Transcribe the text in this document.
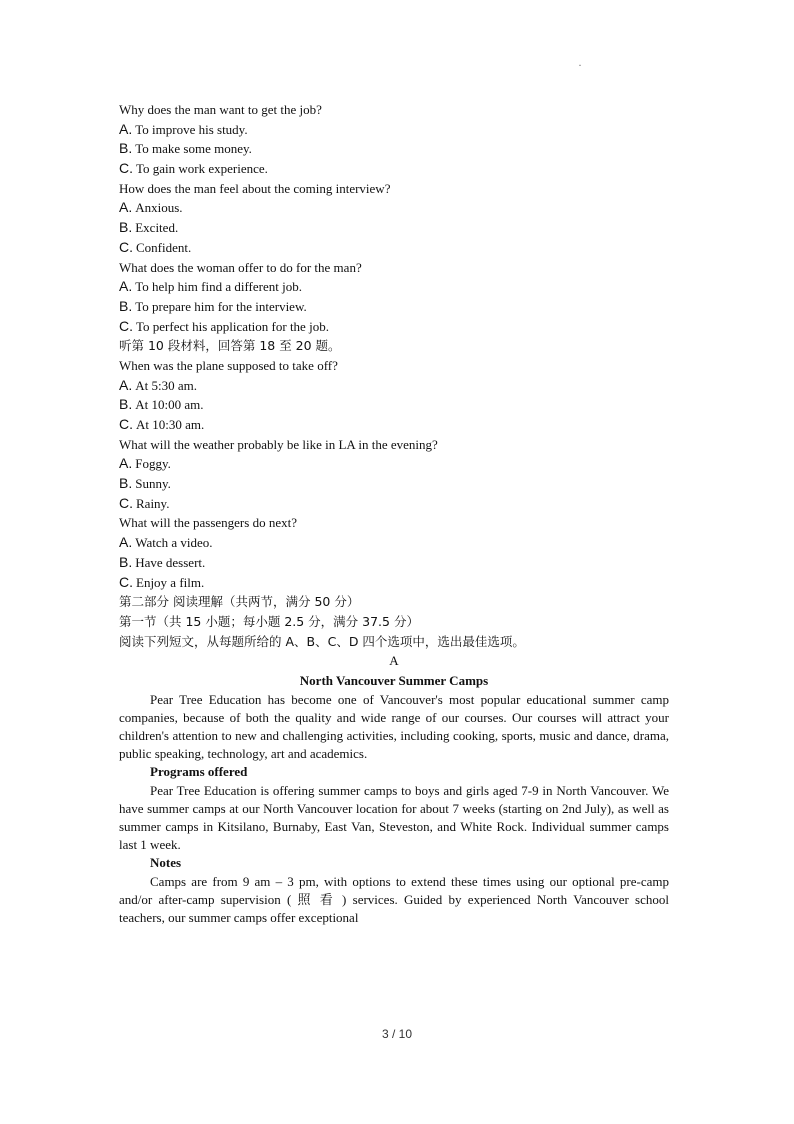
·
Why does the man want to get the job?
A. To improve his study.
B. To make some money.
C. To gain work experience.
How does the man feel about the coming interview?
A. Anxious.
B. Excited.
C. Confident.
What does the woman offer to do for the man?
A. To help him find a different job.
B. To prepare him for the interview.
C. To perfect his application for the job.
听第 10 段材料，回答第 18 至 20 题。
When was the plane supposed to take off?
A. At 5:30 am.
B. At 10:00 am.
C. At 10:30 am.
What will the weather probably be like in LA in the evening?
A. Foggy.
B. Sunny.
C. Rainy.
What will the passengers do next?
A. Watch a video.
B. Have dessert.
C. Enjoy a film.
第二部分 阅读理解（共两节，满分 50 分）
第一节（共 15 小题；每小题 2.5 分，满分 37.5 分）
阅读下列短文，从每题所给的 A、B、C、D 四个选项中，选出最佳选项。
A
North Vancouver Summer Camps

Pear Tree Education has become one of Vancouver's most popular educational summer camp companies, because of both the quality and wide range of our courses. Our courses will attract your children's attention to new and challenging activities, including cooking, sports, music and dance, drama, public speaking, technology, art and academics.

Programs offered

Pear Tree Education is offering summer camps to boys and girls aged 7-9 in North Vancouver. We have summer camps at our North Vancouver location for about 7 weeks (starting on 2nd July), as well as summer camps in Kitsilano, Burnaby, East Van, Steveston, and White Rock. Individual summer camps last 1 week.

Notes

Camps are from 9 am – 3 pm, with options to extend these times using our optional pre-camp and/or after-camp supervision ( 照 看 ) services. Guided by experienced North Vancouver school teachers, our summer camps offer exceptional

3 / 10
